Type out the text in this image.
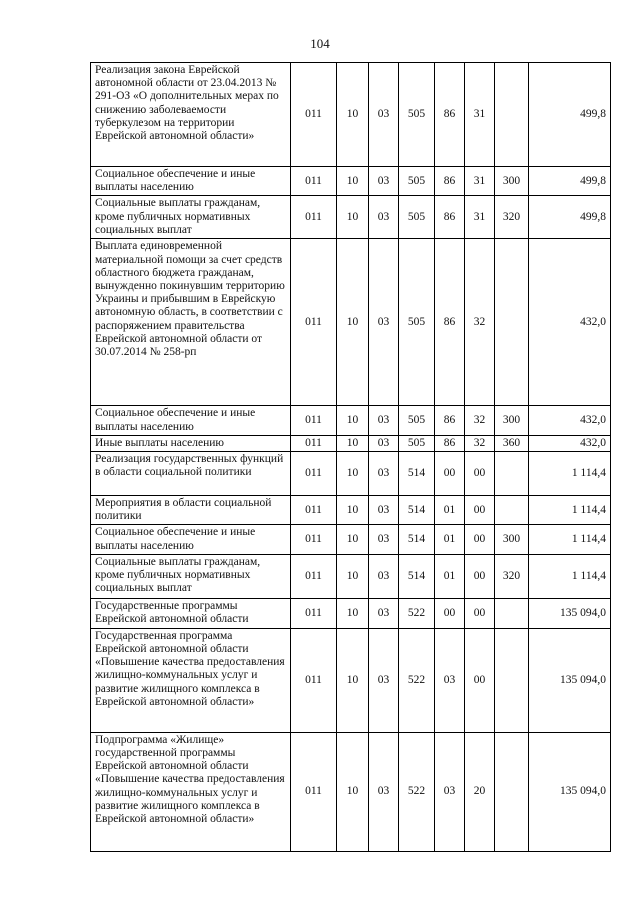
104
Реализация закона Еврейской автономной области от 23.04.2013 № 291-ОЗ «О дополнительных мерах по снижению заболеваемости туберкулезом на территории Еврейской автономной области»	011	10	03	505	86	31		499,8
Социальное обеспечение и иные выплаты населению	011	10	03	505	86	31	300	499,8
Социальные выплаты гражданам, кроме публичных нормативных социальных выплат	011	10	03	505	86	31	320	499,8
Выплата единовременной материальной помощи за счет средств областного бюджета гражданам, вынужденно покинувшим территорию Украины и прибывшим в Еврейскую автономную область, в соответствии с распоряжением правительства Еврейской автономной области от 30.07.2014 № 258-рп	011	10	03	505	86	32		432,0
Социальное обеспечение и иные выплаты населению	011	10	03	505	86	32	300	432,0
Иные выплаты населению	011	10	03	505	86	32	360	432,0
Реализация государственных функций в области социальной политики	011	10	03	514	00	00		1 114,4
Мероприятия в области социальной политики	011	10	03	514	01	00		1 114,4
Социальное обеспечение и иные выплаты населению	011	10	03	514	01	00	300	1 114,4
Социальные выплаты гражданам, кроме публичных нормативных социальных выплат	011	10	03	514	01	00	320	1 114,4
Государственные программы Еврейской автономной области	011	10	03	522	00	00		135 094,0
Государственная программа Еврейской автономной области «Повышение качества предоставления жилищно-коммунальных услуг и развитие жилищного комплекса в Еврейской автономной области»	011	10	03	522	03	00		135 094,0
Подпрограмма «Жилище» государственной программы Еврейской автономной области «Повышение качества предоставления жилищно-коммунальных услуг и развитие жилищного комплекса в Еврейской автономной области»	011	10	03	522	03	20		135 094,0
